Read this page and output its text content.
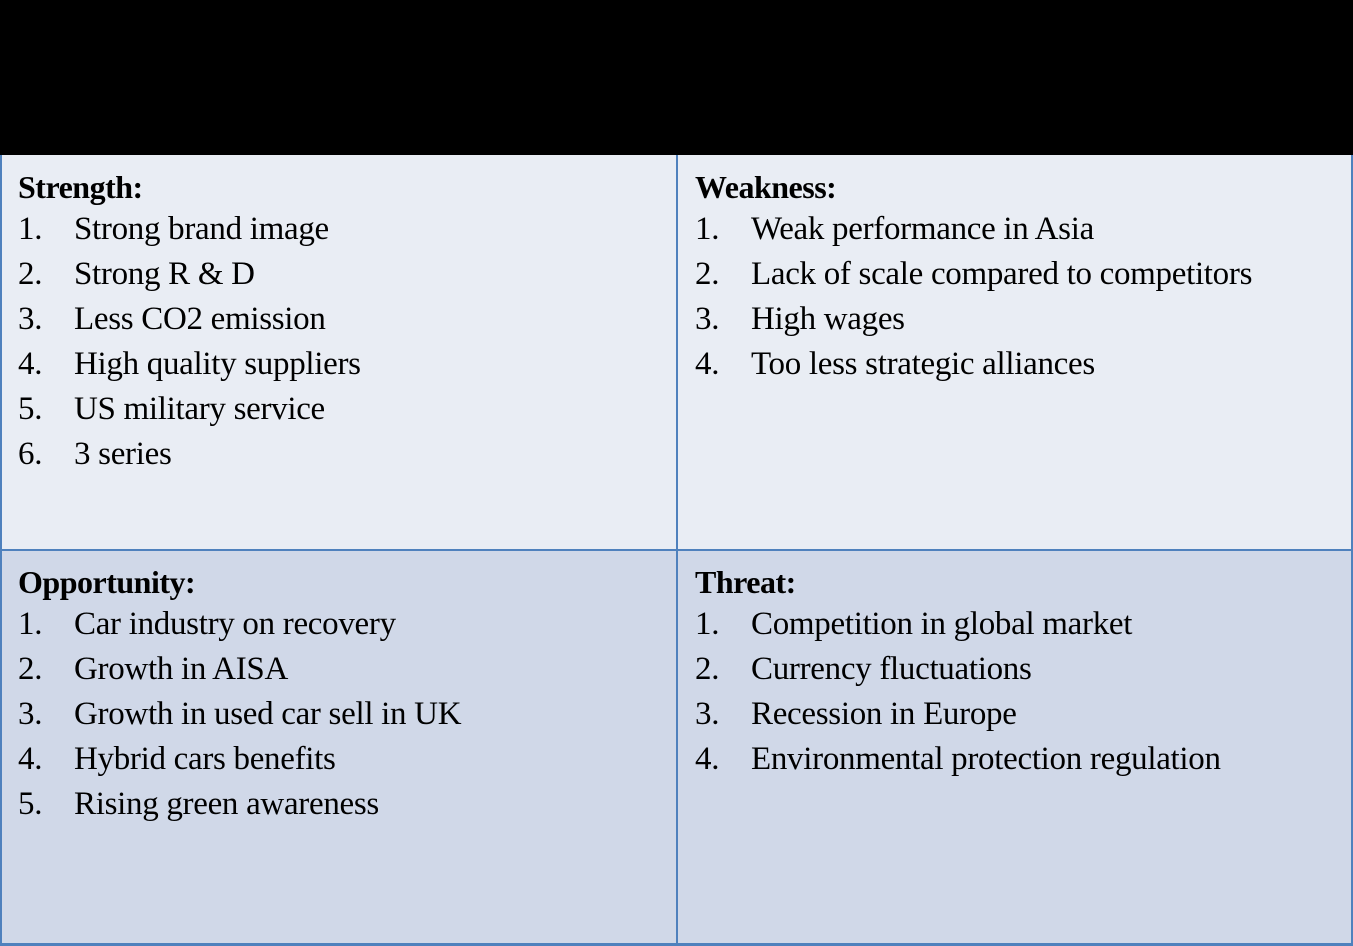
Strength:
1. Strong brand image
2. Strong R & D
3. Less CO2 emission
4. High quality suppliers
5. US military service
6. 3 series
Weakness:
1. Weak performance in Asia
2. Lack of scale compared to competitors
3. High wages
4. Too less strategic alliances
Opportunity:
1. Car industry on recovery
2. Growth in AISA
3. Growth in used car sell in UK
4. Hybrid cars benefits
5. Rising green awareness
Threat:
1. Competition in global market
2. Currency fluctuations
3. Recession in Europe
4. Environmental protection regulation
